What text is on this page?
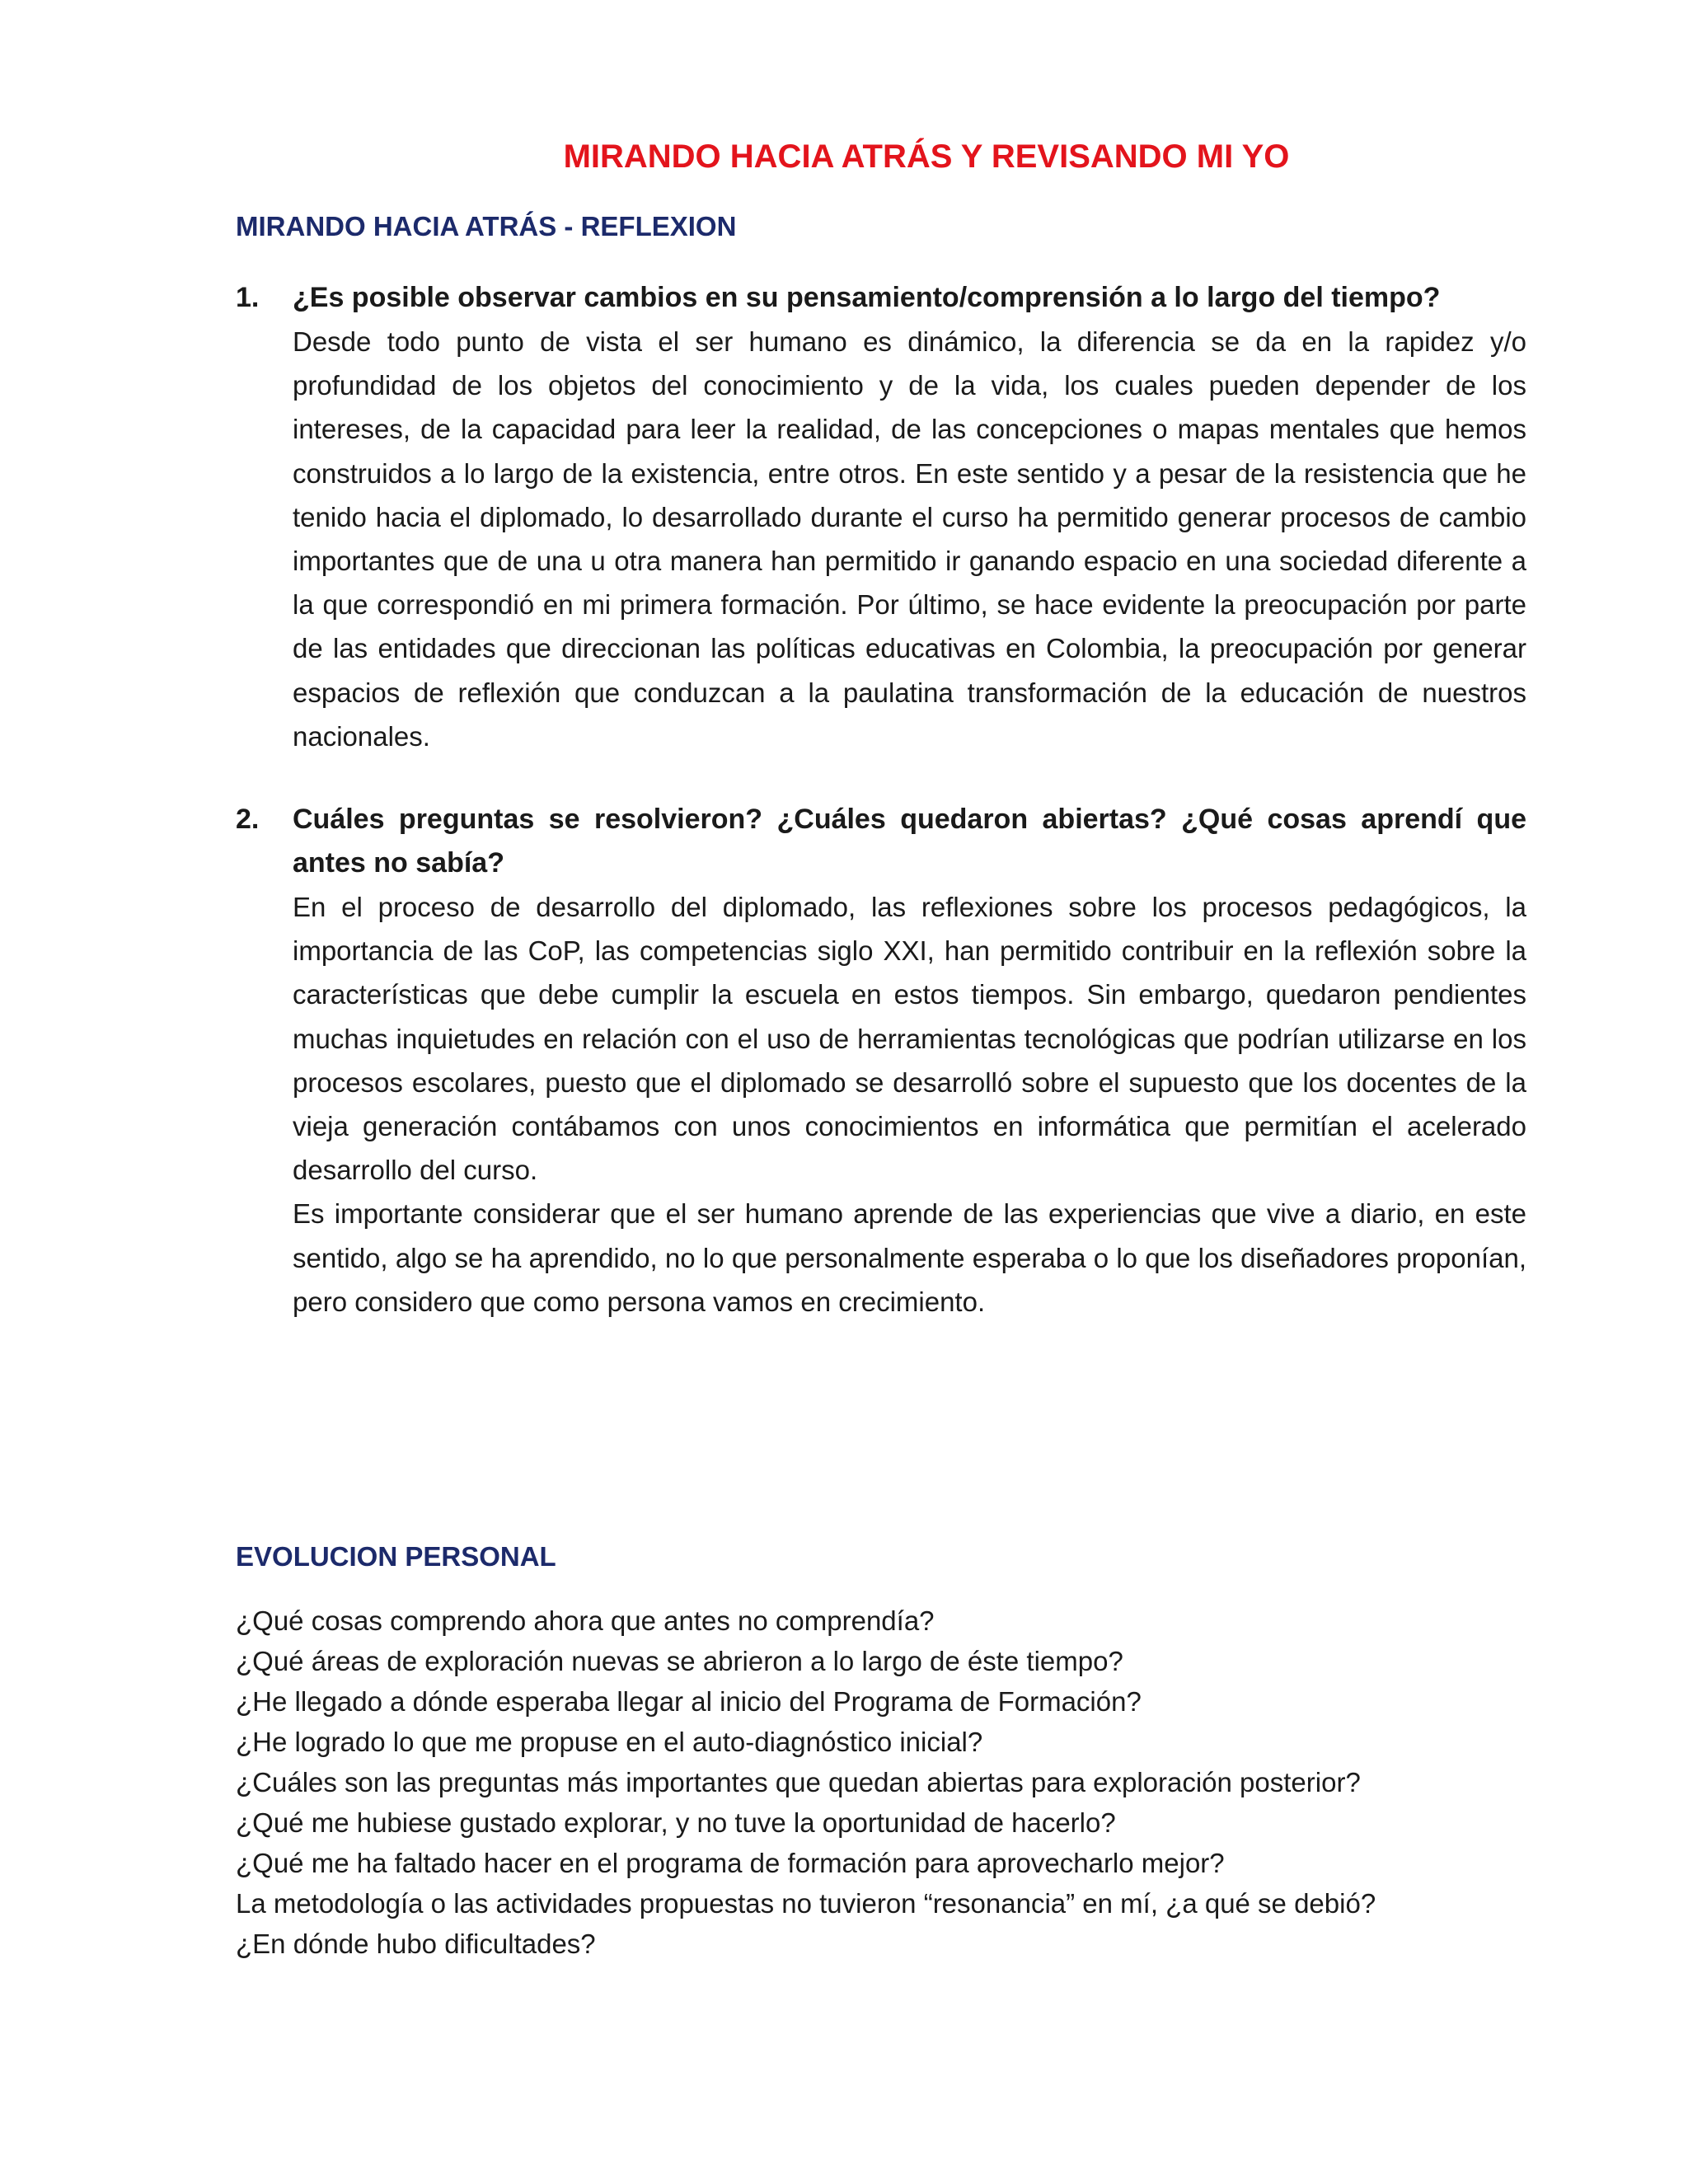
MIRANDO HACIA ATRÁS Y REVISANDO MI YO
MIRANDO HACIA ATRÁS - REFLEXION
1. ¿Es posible observar cambios en su pensamiento/comprensión a lo largo del tiempo?

Desde todo punto de vista el ser humano es dinámico, la diferencia se da en la rapidez y/o profundidad de los objetos del conocimiento y de la vida, los cuales pueden depender de los intereses, de la capacidad para leer la realidad, de las concepciones o mapas mentales que hemos construidos a lo largo de la existencia, entre otros. En este sentido y a pesar de la resistencia que he tenido hacia el diplomado, lo desarrollado durante el curso ha permitido generar procesos de cambio importantes que de una u otra manera han permitido ir ganando espacio en una sociedad diferente a la que correspondió en mi primera formación. Por último, se hace evidente la preocupación por parte de las entidades que direccionan las políticas educativas en Colombia, la preocupación por generar espacios de reflexión que conduzcan a la paulatina transformación de la educación de nuestros nacionales.

2. Cuáles preguntas se resolvieron? ¿Cuáles quedaron abiertas? ¿Qué cosas aprendí que antes no sabía?

En el proceso de desarrollo del diplomado, las reflexiones sobre los procesos pedagógicos, la importancia de las CoP, las competencias siglo XXI, han permitido contribuir en la reflexión sobre la características que debe cumplir la escuela en estos tiempos. Sin embargo, quedaron pendientes muchas inquietudes en relación con el uso de herramientas tecnológicas que podrían utilizarse en los procesos escolares, puesto que el diplomado se desarrolló sobre el supuesto que los docentes de la vieja generación contábamos con unos conocimientos en informática que permitían el acelerado desarrollo del curso.

Es importante considerar que el ser humano aprende de las experiencias que vive a diario, en este sentido, algo se ha aprendido, no lo que personalmente esperaba o lo que los diseñadores proponían, pero considero que como persona vamos en crecimiento.

EVOLUCION PERSONAL
¿Qué cosas comprendo ahora que antes no comprendía?
¿Qué áreas de exploración nuevas se abrieron a lo largo de éste tiempo?
¿He llegado a dónde esperaba llegar al inicio del Programa de Formación?
¿He logrado lo que me propuse en el auto-diagnóstico inicial?
¿Cuáles son las preguntas más importantes que quedan abiertas para exploración posterior?
¿Qué me hubiese gustado explorar, y no tuve la oportunidad de hacerlo?
¿Qué me ha faltado hacer en el programa de formación para aprovecharlo mejor?
La metodología o las actividades propuestas no tuvieron “resonancia” en mí, ¿a qué se debió?
¿En dónde hubo dificultades?
